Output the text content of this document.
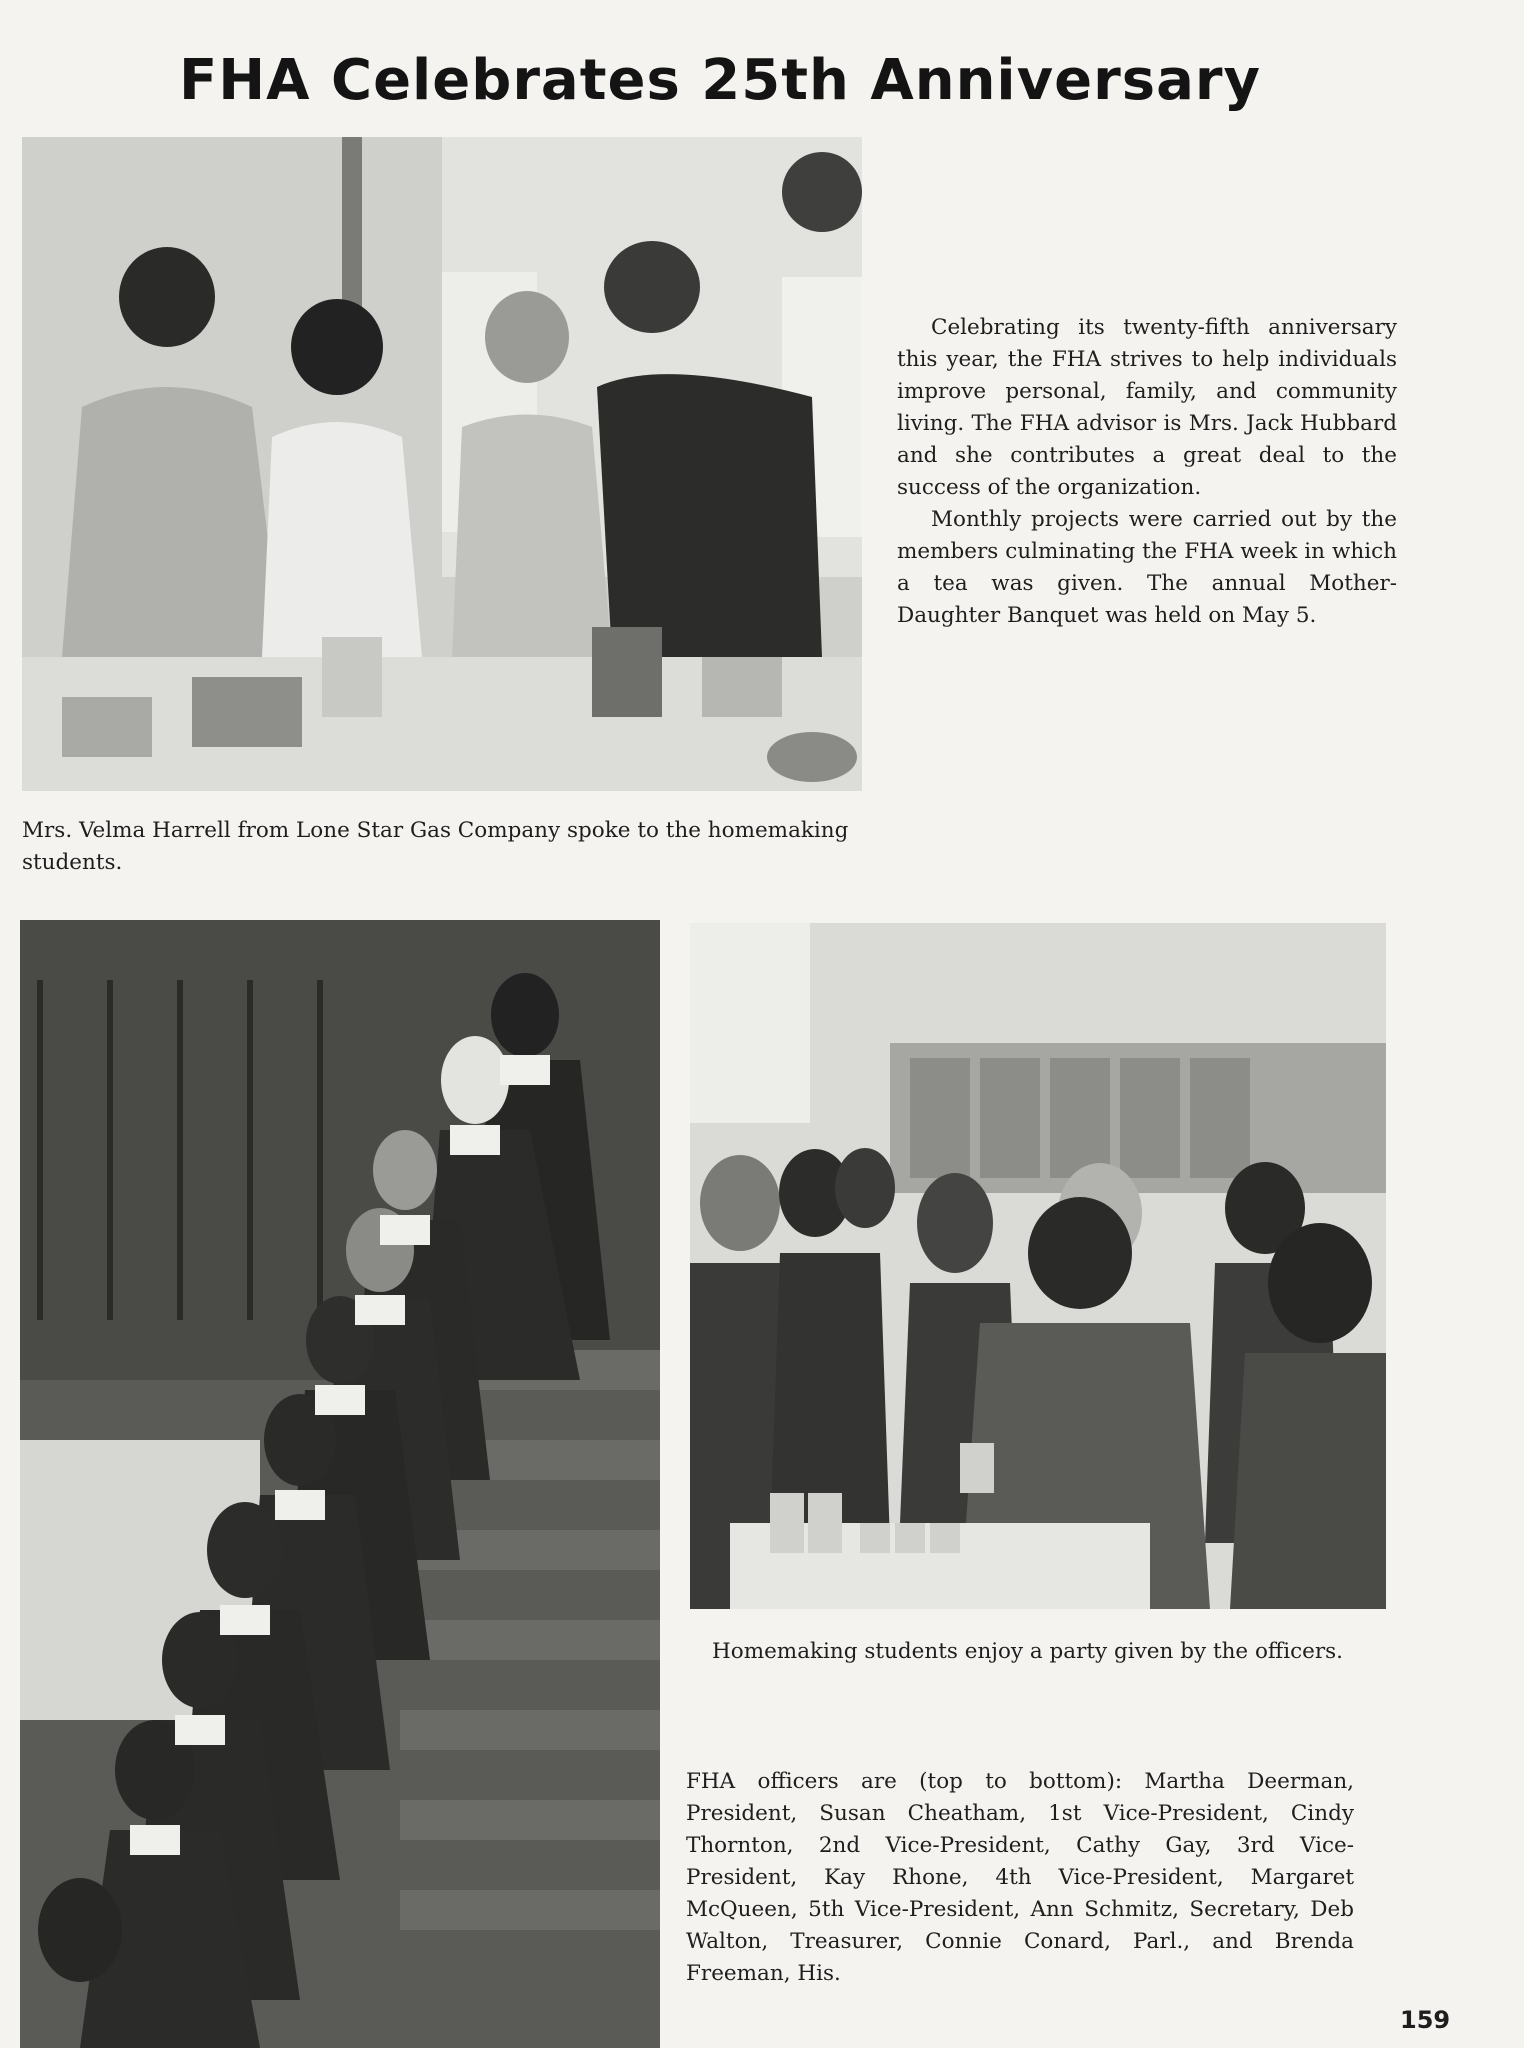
FHA Celebrates 25th Anniversary

Celebrating its twenty-fifth anniversary this year, the FHA strives to help individuals improve personal, family, and community living. The FHA advisor is Mrs. Jack Hubbard and she contributes a great deal to the success of the organization.

Monthly projects were carried out by the members culminating the FHA week in which a tea was given. The annual Mother-Daughter Banquet was held on May 5.

Mrs. Velma Harrell from Lone Star Gas Company spoke to the homemaking students.
Homemaking students enjoy a party given by the officers.
FHA officers are (top to bottom): Martha Deerman, President, Susan Cheatham, 1st Vice-President, Cindy Thornton, 2nd Vice-President, Cathy Gay, 3rd Vice-President, Kay Rhone, 4th Vice-President, Margaret McQueen, 5th Vice-President, Ann Schmitz, Secretary, Deb Walton, Treasurer, Connie Conard, Parl., and Brenda Freeman, His.
159
